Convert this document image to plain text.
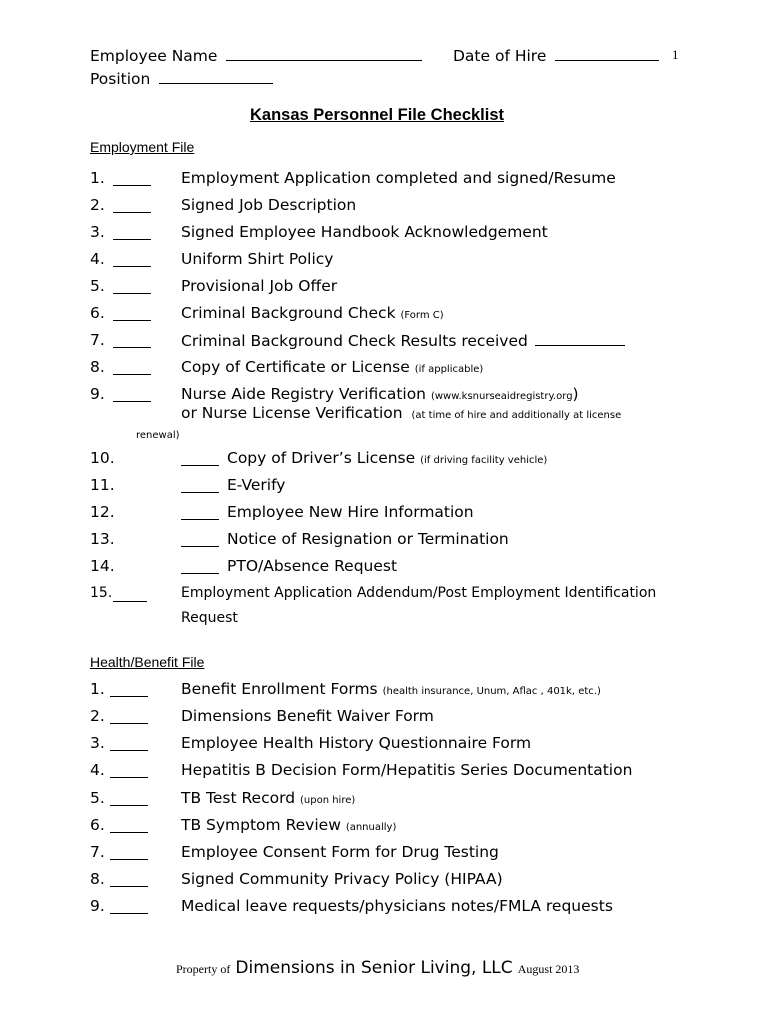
Employee Name	Date of Hire	1
Position
Kansas Personnel File Checklist
Employment File
1.	Employment Application completed and signed/Resume
2.	Signed Job Description
3.	Signed Employee Handbook Acknowledgement
4.	Uniform Shirt Policy
5.	Provisional Job Offer
6.	Criminal Background Check (Form C)
7.	Criminal Background Check Results received
8.	Copy of Certificate or License (if applicable)
9.	Nurse Aide Registry Verification (www.ksnurseaidregistry.org)
or Nurse License Verification (at time of hire and additionally at license
renewal)
10.	Copy of Driver’s License (if driving facility vehicle)
11.	E-Verify
12.	Employee New Hire Information
13.	Notice of Resignation or Termination
14.	PTO/Absence Request
15.	Employment Application Addendum/Post Employment Identification
Request
Health/Benefit File
1.	Benefit Enrollment Forms (health insurance, Unum, Aflac , 401k, etc.)
2.	Dimensions Benefit Waiver Form
3.	Employee Health History Questionnaire Form
4.	Hepatitis B Decision Form/Hepatitis Series Documentation
5.	TB Test Record (upon hire)
6.	TB Symptom Review (annually)
7.	Employee Consent Form for Drug Testing
8.	Signed Community Privacy Policy (HIPAA)
9.	Medical leave requests/physicians notes/FMLA requests
Property of Dimensions in Senior Living, LLC August 2013
